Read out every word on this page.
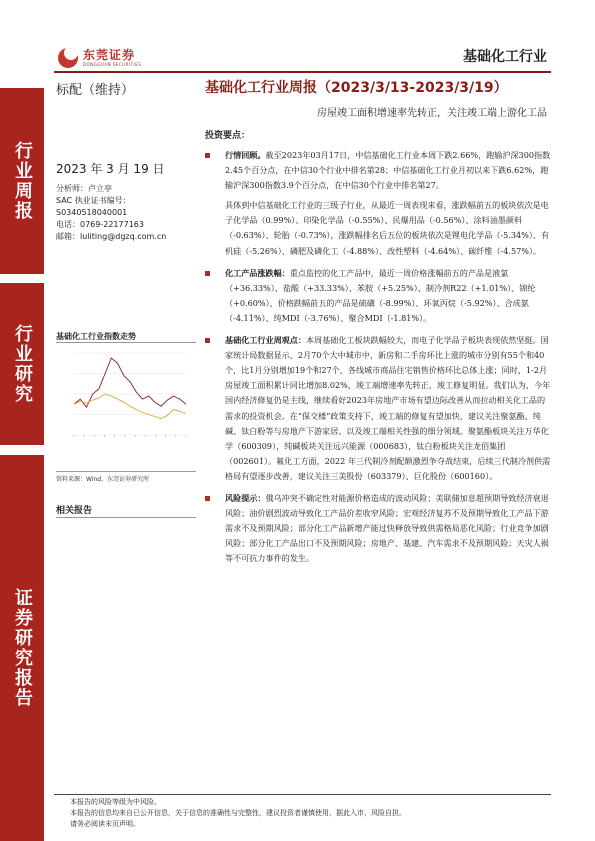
行业周报
行业研究
证券研究报告
东莞证券
DONGGUAN SECURITIES	基础化工行业
标配（维持）
2023 年 3 月 19 日
分析师：卢立亭
SAC 执业证书编号：
S0340518040001
电话：0769-22177163
邮箱：luliting@dgzq.com.cn
基础化工行业指数走势
资料来源：Wind，东莞证券研究所
相关报告
基础化工行业周报（2023/3/13-2023/3/19）
房屋竣工面积增速率先转正，关注竣工端上游化工品
投资要点：
行情回顾。截至2023年03月17日，中信基础化工行业本周下跌2.66%，跑输沪深300指数2.45个百分点，在中信30个行业中排名第28；中信基础化工行业月初以来下跌6.62%，跑输沪深300指数3.9个百分点，在中信30个行业中排名第27。
具体到中信基础化工行业的三级子行业，从最近一周表现来看，涨跌幅前五的板块依次是电子化学品（0.99%）、印染化学品（-0.55%）、民爆用品（-0.56%）、涂料油墨颜料（-0.63%）、轮胎（-0.73%），涨跌幅排名后五位的板块依次是锂电化学品（-5.34%）、有机硅（-5.26%）、磷肥及磷化工（-4.88%）、改性塑料（-4.64%）、碳纤维（-4.57%）。
化工产品涨跌幅：重点监控的化工产品中，最近一周价格涨幅前五的产品是液氯（+36.33%）、盐酸（+33.33%）、苯胺（+5.25%）、制冷剂R22（+1.01%）、锦纶（+0.60%），价格跌幅前五的产品是硫磺（-8.99%）、环氧丙烷（-5.92%）、合成氨（-4.11%）、纯MDI（-3.76%）、聚合MDI（-1.81%）。
基础化工行业周观点：本周基础化工板块跌幅较大，而电子化学品子板块表现依然坚挺。国家统计局数据显示，2月70个大中城市中，新房和二手房环比上涨的城市分别有55个和40个，比1月分别增加19个和27个，各线城市商品住宅销售价格环比总体上涨；同时，1-2月房屋竣工面积累计同比增加8.02%，竣工端增速率先转正，竣工修复明显。我们认为，今年国内经济修复仍是主线，继续看好2023年房地产市场有望边际改善从而拉动相关化工品的需求的投资机会。在“保交楼”政策支持下，竣工端的修复有望加快，建议关注聚氨酯、纯碱、钛白粉等与房地产下游家居、以及竣工端相关性强的细分领域。聚氨酯板块关注万华化学（600309），纯碱板块关注远兴能源（000683），钛白粉板块关注龙佰集团（002601）。氟化工方面，2022 年三代制冷剂配额激烈争夺战结束，后续三代制冷剂供需格局有望逐步改善，建议关注三美股份（603379）、巨化股份（600160）。
风险提示：俄乌冲突不确定性对能源价格造成的波动风险；美联储加息超预期导致经济衰退风险；油价剧烈波动导致化工产品价差收窄风险；宏观经济复苏不及预期导致化工产品下游需求不及预期风险；部分化工产品新增产能过快释放导致供需格局恶化风险；行业竞争加剧风险；部分化工产品出口不及预期风险；房地产、基建、汽车需求不及预期风险；天灾人祸等不可抗力事件的发生。
本报告的风险等级为中风险。
本报告的信息均来自已公开信息，关于信息的准确性与完整性，建议投资者谨慎使用，据此入市，风险自担。
请务必阅读末页声明。
